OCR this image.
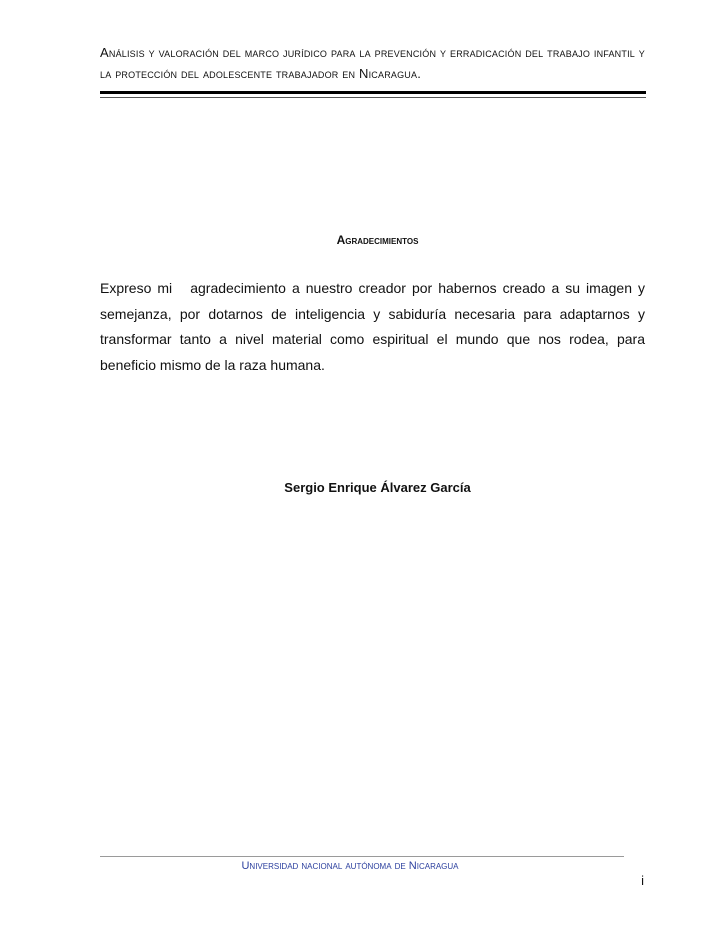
Análisis y valoración del marco jurídico para la prevención y erradicación del trabajo infantil y la protección del adolescente trabajador en Nicaragua.
Agradecimientos

Expreso mi   agradecimiento a nuestro creador por habernos creado a su imagen y semejanza, por dotarnos de inteligencia y sabiduría necesaria para adaptarnos y transformar tanto a nivel material como espiritual el mundo que nos rodea, para beneficio mismo de la raza humana.

Sergio Enrique Álvarez García
Universidad nacional autónoma de Nicaragua
i
